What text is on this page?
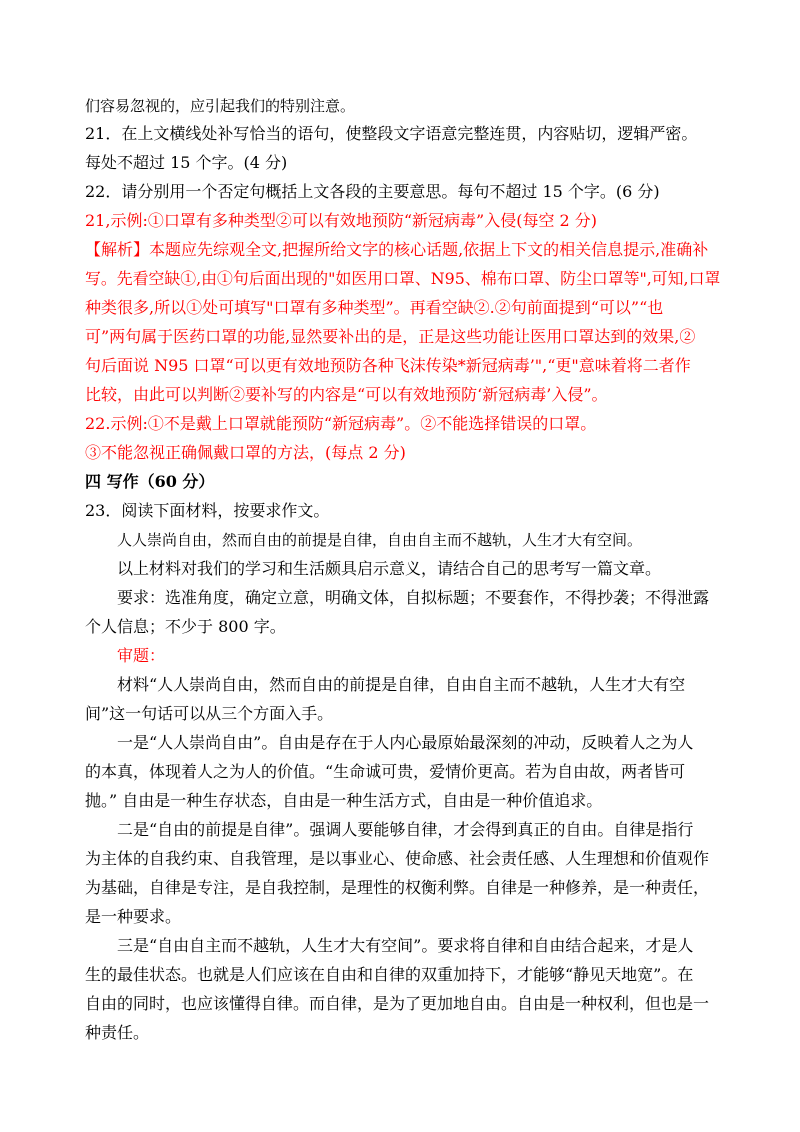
们容易忽视的，应引起我们的特别注意。
21．在上文横线处补写恰当的语句，使整段文字语意完整连贯，内容贴切，逻辑严密。
每处不超过 15 个字。(4 分)
22．请分别用一个否定句概括上文各段的主要意思。每句不超过 15 个字。(6 分)
21,示例:①口罩有多种类型②可以有效地预防“新冠病毒”入侵(每空 2 分)
【解析】本题应先综观全文,把握所给文字的核心话题,依据上下文的相关信息提示,准确补
写。先看空缺①,由①句后面出现的"如医用口罩、N95、棉布口罩、防尘口罩等",可知,口罩
种类很多,所以①处可填写"口罩有多种类型”。再看空缺②.②句前面提到“可以”“也
可”两句属于医药口罩的功能,显然要补出的是，正是这些功能让医用口罩达到的效果,②
句后面说 N95 口罩“可以更有效地预防各种飞沫传染*新冠病毒’",“更"意味着将二者作
比较，由此可以判断②要补写的内容是“可以有效地预防‘新冠病毒’入侵”。
22.示例:①不是戴上口罩就能预防“新冠病毒”。②不能选择错误的口罩。
③不能忽视正确佩戴口罩的方法，(每点 2 分)
四 写作（60 分）
23．阅读下面材料，按要求作文。
人人崇尚自由，然而自由的前提是自律，自由自主而不越轨，人生才大有空间。
以上材料对我们的学习和生活颇具启示意义，请结合自己的思考写一篇文章。
要求：选准角度，确定立意，明确文体，自拟标题；不要套作，不得抄袭；不得泄露
个人信息；不少于 800 字。
审题：
材料“人人崇尚自由，然而自由的前提是自律，自由自主而不越轨，人生才大有空
间”这一句话可以从三个方面入手。
一是“人人崇尚自由”。自由是存在于人内心最原始最深刻的冲动，反映着人之为人
的本真，体现着人之为人的价值。“生命诚可贵，爱情价更高。若为自由故，两者皆可
抛。” 自由是一种生存状态，自由是一种生活方式，自由是一种价值追求。
二是“自由的前提是自律”。强调人要能够自律，才会得到真正的自由。自律是指行
为主体的自我约束、自我管理，是以事业心、使命感、社会责任感、人生理想和价值观作
为基础，自律是专注，是自我控制，是理性的权衡利弊。自律是一种修养，是一种责任，
是一种要求。
三是“自由自主而不越轨，人生才大有空间”。要求将自律和自由结合起来，才是人
生的最佳状态。也就是人们应该在自由和自律的双重加持下，才能够“静见天地宽”。在
自由的同时，也应该懂得自律。而自律，是为了更加地自由。自由是一种权利，但也是一
种责任。
